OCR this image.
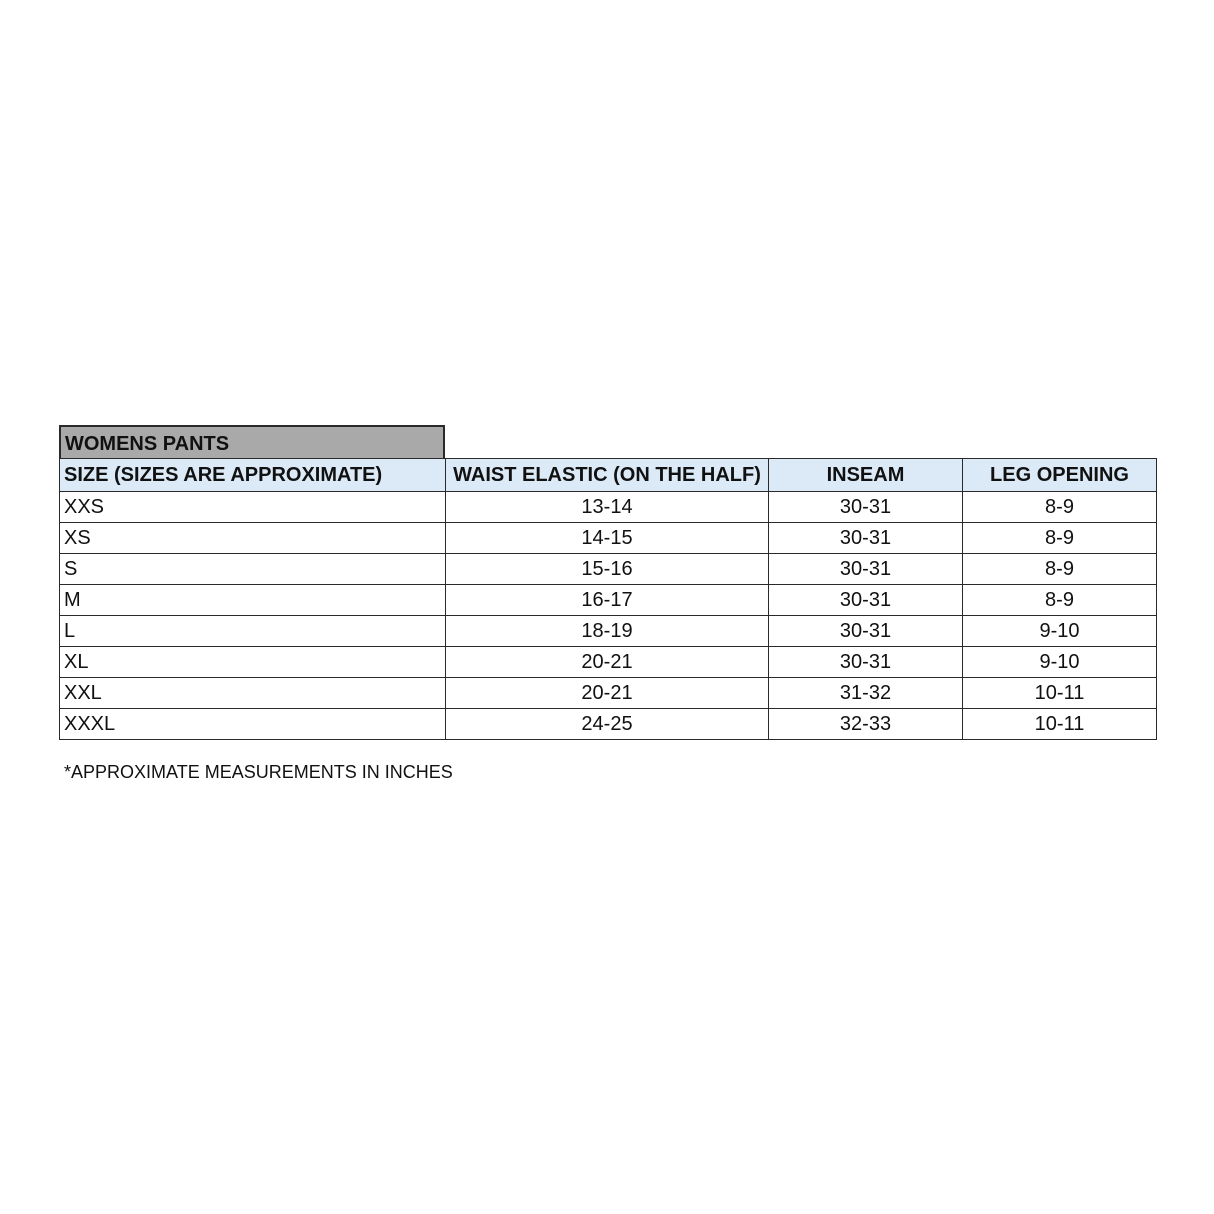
WOMENS PANTS
SIZE (SIZES ARE APPROXIMATE)	WAIST ELASTIC (ON THE HALF)	INSEAM	LEG OPENING
XXS	13-14	30-31	8-9
XS	14-15	30-31	8-9
S	15-16	30-31	8-9
M	16-17	30-31	8-9
L	18-19	30-31	9-10
XL	20-21	30-31	9-10
XXL	20-21	31-32	10-11
XXXL	24-25	32-33	10-11
*APPROXIMATE MEASUREMENTS IN INCHES
